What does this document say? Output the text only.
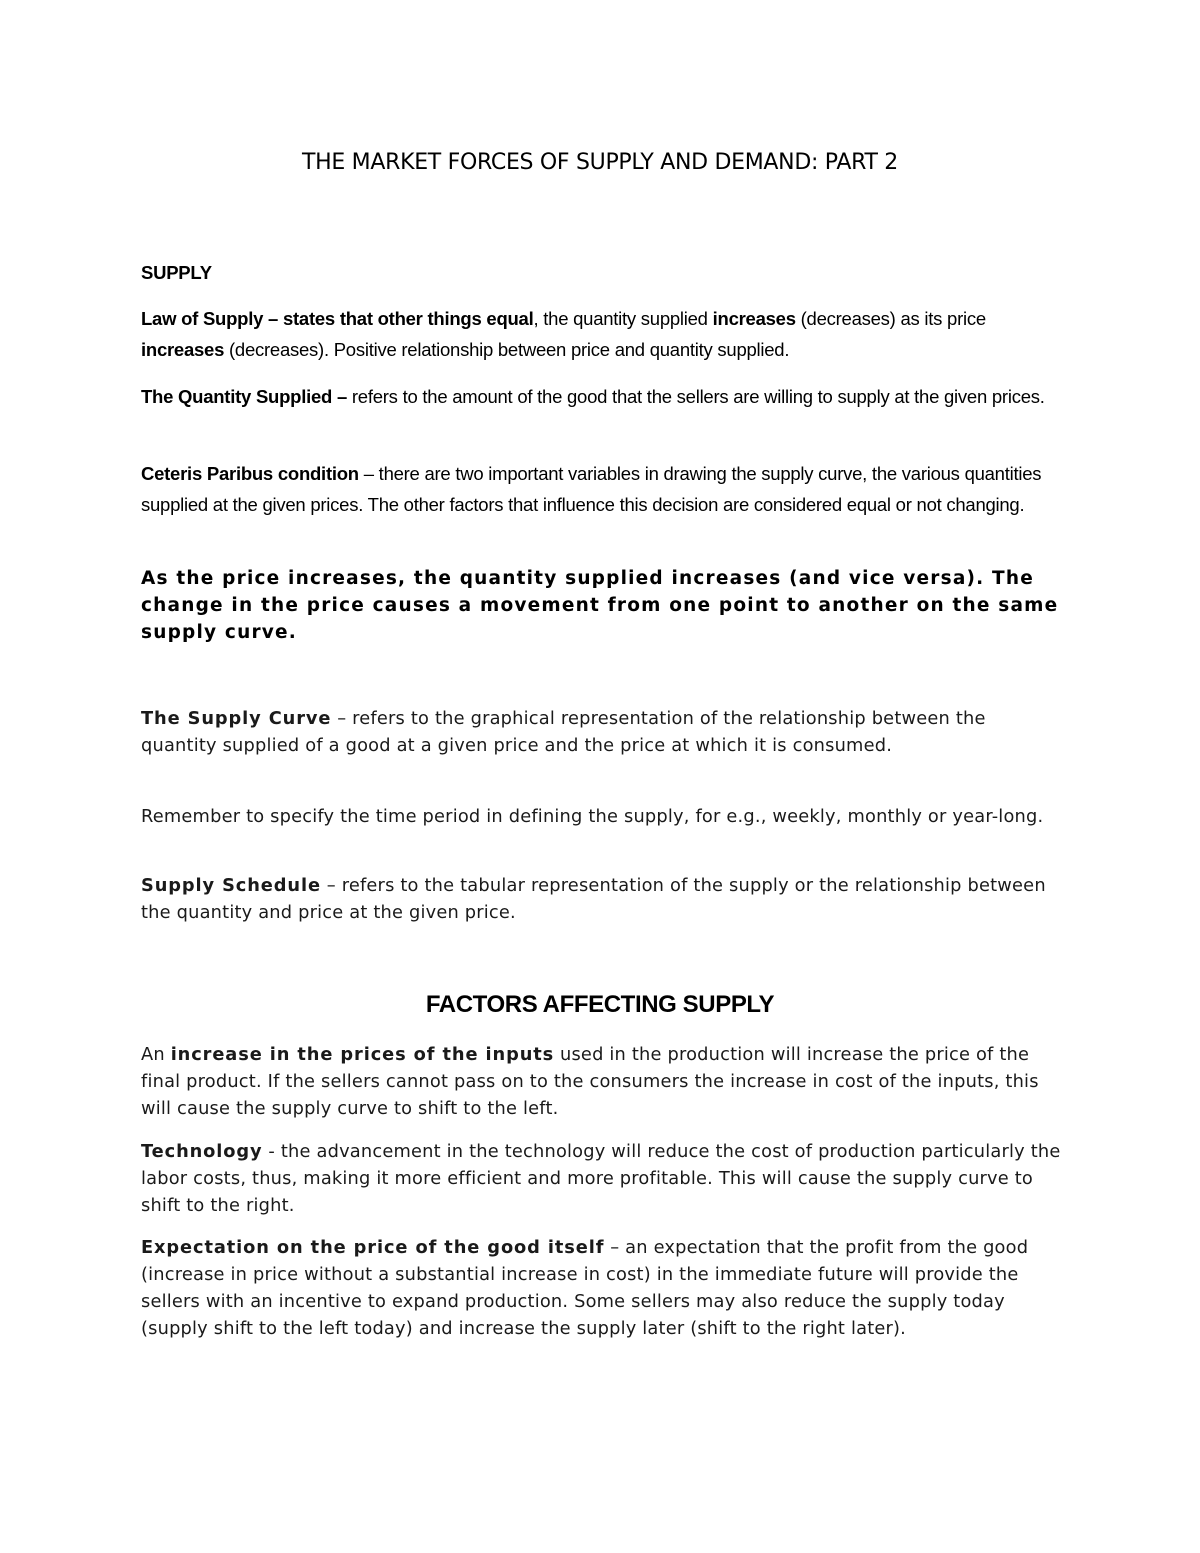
THE MARKET FORCES OF SUPPLY AND DEMAND: PART 2

SUPPLY

Law of Supply – states that other things equal, the quantity supplied increases (decreases) as its price increases (decreases). Positive relationship between price and quantity supplied.

The Quantity Supplied – refers to the amount of the good that the sellers are willing to supply at the given prices.

Ceteris Paribus condition – there are two important variables in drawing the supply curve, the various quantities supplied at the given prices. The other factors that influence this decision are considered equal or not changing.

As the price increases, the quantity supplied increases (and vice versa). The change in the price causes a movement from one point to another on the same supply curve.

The Supply Curve – refers to the graphical representation of the relationship between the quantity supplied of a good at a given price and the price at which it is consumed.

Remember to specify the time period in defining the supply, for e.g., weekly, monthly or year-long.

Supply Schedule – refers to the tabular representation of the supply or the relationship between the quantity and price at the given price.

FACTORS AFFECTING SUPPLY

An increase in the prices of the inputs used in the production will increase the price of the final product. If the sellers cannot pass on to the consumers the increase in cost of the inputs, this will cause the supply curve to shift to the left.

Technology - the advancement in the technology will reduce the cost of production particularly the labor costs, thus, making it more efficient and more profitable. This will cause the supply curve to shift to the right.

Expectation on the price of the good itself – an expectation that the profit from the good (increase in price without a substantial increase in cost) in the immediate future will provide the sellers with an incentive to expand production. Some sellers may also reduce the supply today (supply shift to the left today) and increase the supply later (shift to the right later).
